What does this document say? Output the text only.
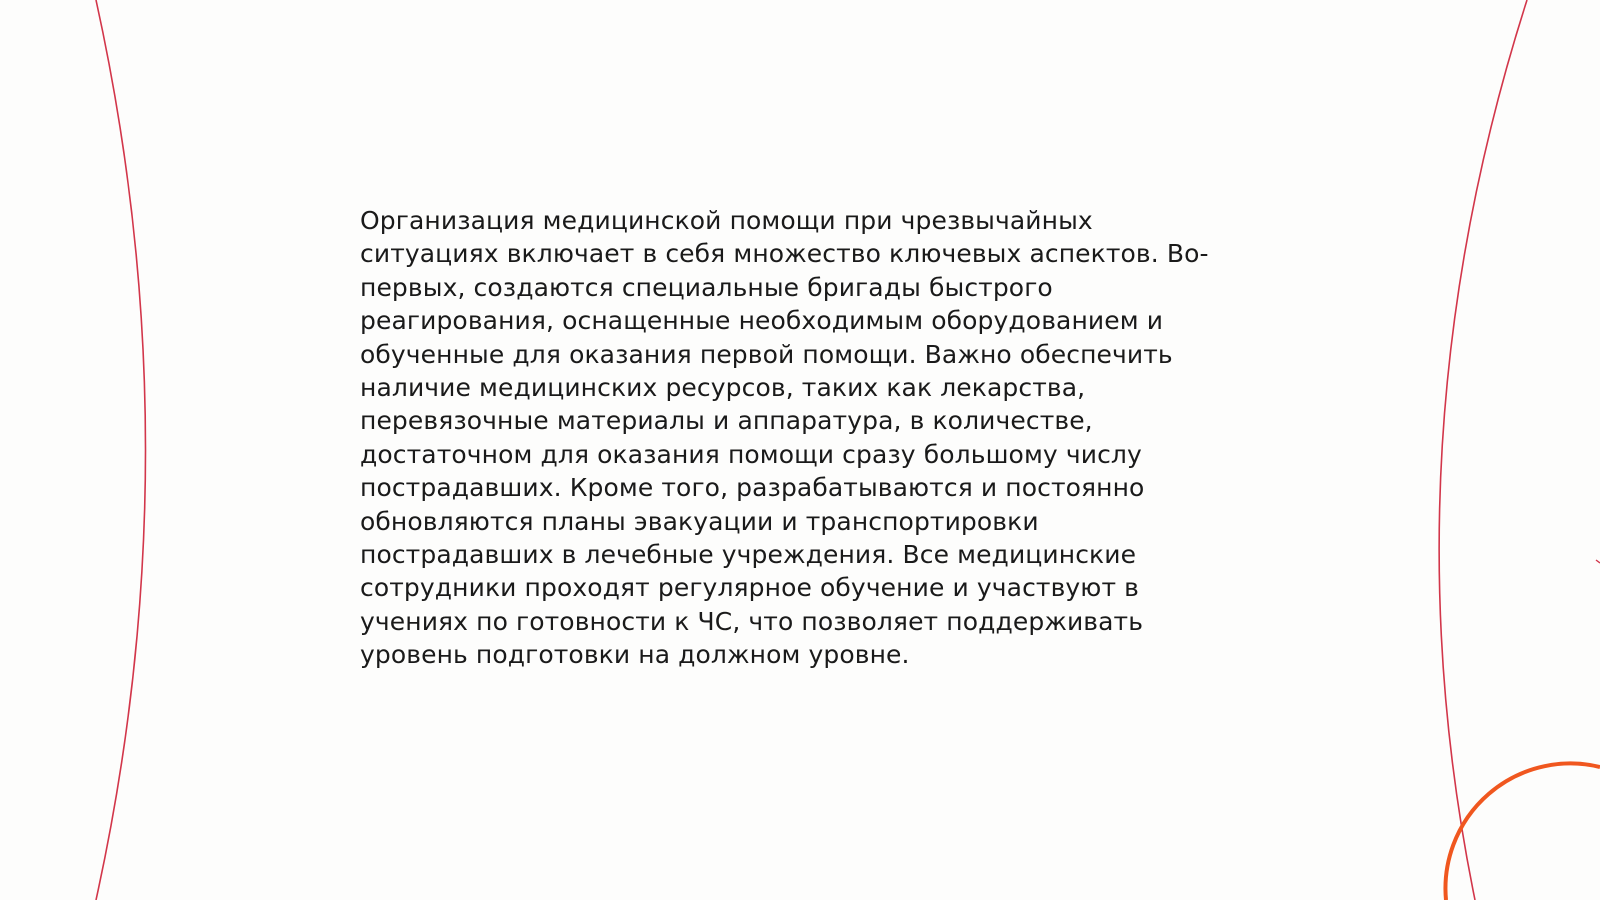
Организация медицинской помощи при чрезвычайных
ситуациях включает в себя множество ключевых аспектов. Во-
первых, создаются специальные бригады быстрого
реагирования, оснащенные необходимым оборудованием и
обученные для оказания первой помощи. Важно обеспечить
наличие медицинских ресурсов, таких как лекарства,
перевязочные материалы и аппаратура, в количестве,
достаточном для оказания помощи сразу большому числу
пострадавших. Кроме того, разрабатываются и постоянно
обновляются планы эвакуации и транспортировки
пострадавших в лечебные учреждения. Все медицинские
сотрудники проходят регулярное обучение и участвуют в
учениях по готовности к ЧС, что позволяет поддерживать
уровень подготовки на должном уровне.
